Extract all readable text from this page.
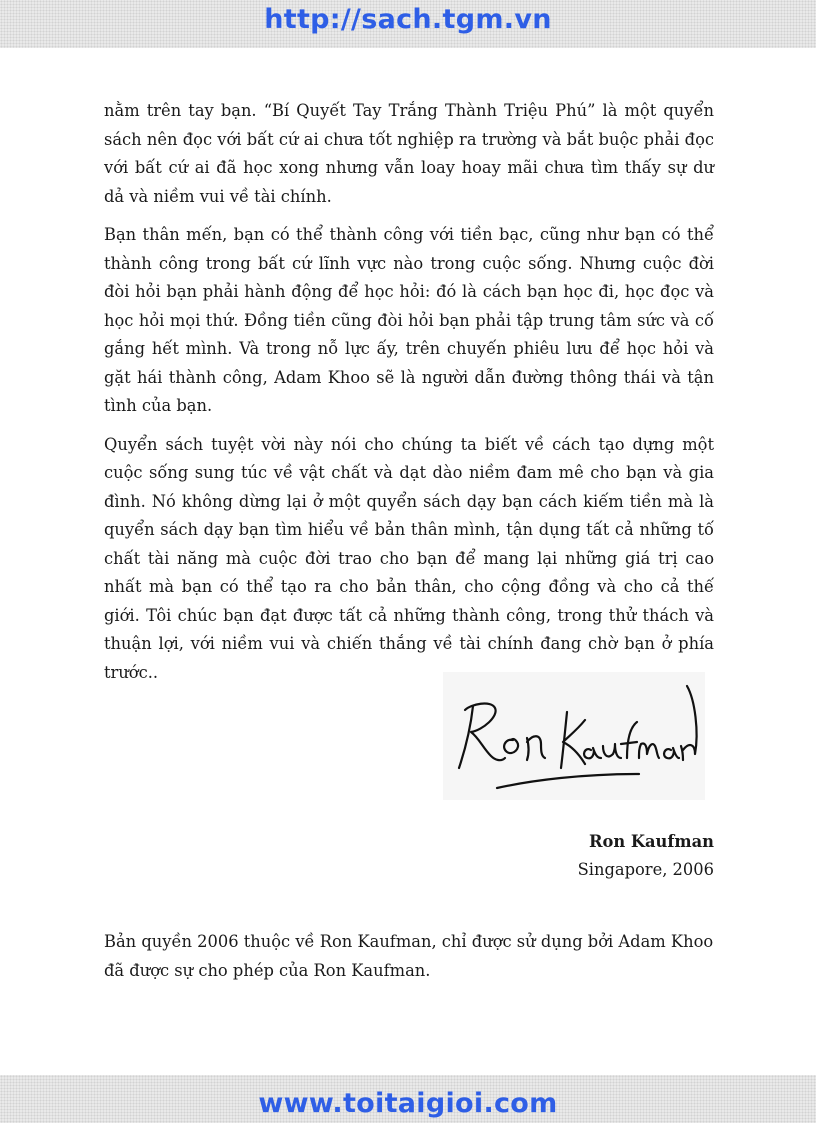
http://sach.tgm.vn

nằm trên tay bạn. “Bí Quyết Tay Trắng Thành Triệu Phú” là một quyển sách nên đọc với bất cứ ai chưa tốt nghiệp ra trường và bắt buộc phải đọc với bất cứ ai đã học xong nhưng vẫn loay hoay mãi chưa tìm thấy sự dư dả và niềm vui về tài chính.

Bạn thân mến, bạn có thể thành công với tiền bạc, cũng như bạn có thể thành công trong bất cứ lĩnh vực nào trong cuộc sống. Nhưng cuộc đời đòi hỏi bạn phải hành động để học hỏi: đó là cách bạn học đi, học đọc và học hỏi mọi thứ. Đồng tiền cũng đòi hỏi bạn phải tập trung tâm sức và cố gắng hết mình. Và trong nỗ lực ấy, trên chuyến phiêu lưu để học hỏi và gặt hái thành công, Adam Khoo sẽ là người dẫn đường thông thái và tận tình của bạn.

Quyển sách tuyệt vời này nói cho chúng ta biết về cách tạo dựng một cuộc sống sung túc về vật chất và dạt dào niềm đam mê cho bạn và gia đình. Nó không dừng lại ở một quyển sách dạy bạn cách kiếm tiền mà là quyển sách dạy bạn tìm hiểu về bản thân mình, tận dụng tất cả những tố chất tài năng mà cuộc đời trao cho bạn để mang lại những giá trị cao nhất mà bạn có thể tạo ra cho bản thân, cho cộng đồng và cho cả thế giới. Tôi chúc bạn đạt được tất cả những thành công, trong thử thách và thuận lợi, với niềm vui và chiến thắng về tài chính đang chờ bạn ở phía trước..

Ron Kaufman
Singapore, 2006

Bản quyền 2006 thuộc về Ron Kaufman, chỉ được sử dụng bởi Adam Khoo đã được sự cho phép của Ron Kaufman.

www.toitaigioi.com
